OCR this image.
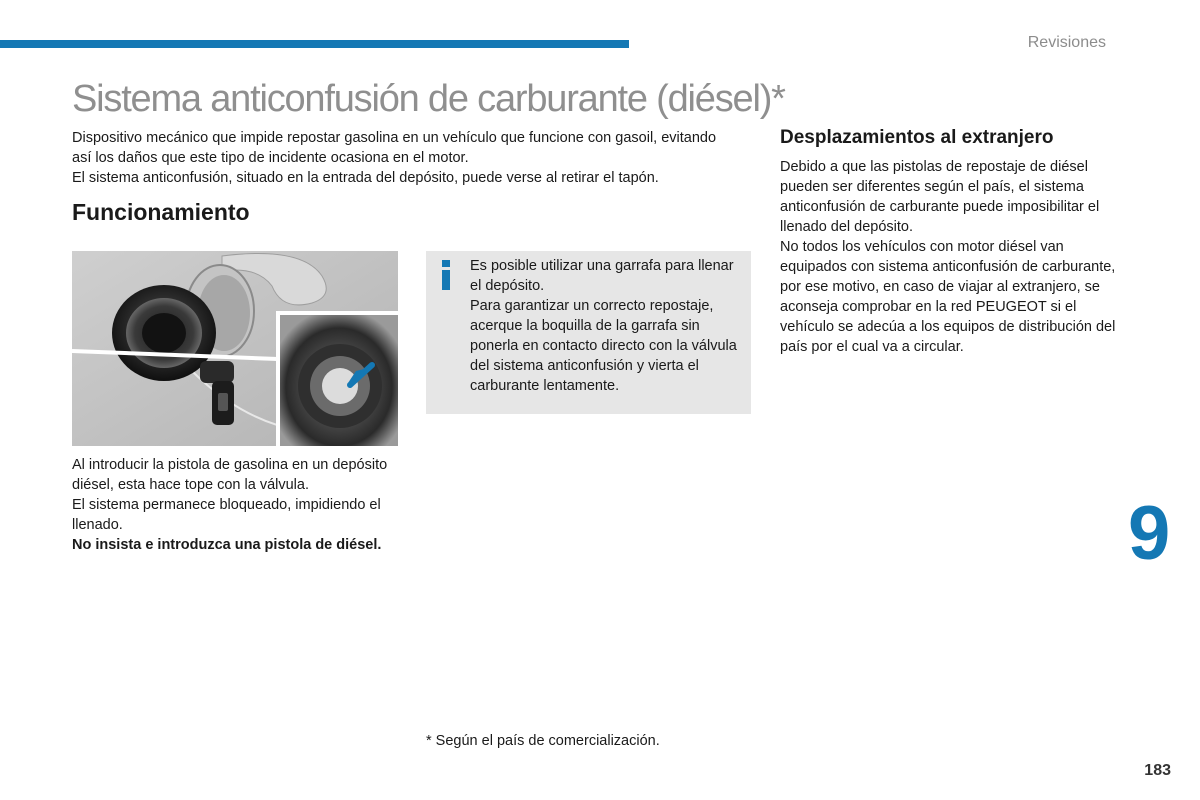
Revisiones
Sistema anticonfusión de carburante (diésel)*

Dispositivo mecánico que impide repostar gasolina en un vehículo que funcione con gasoil, evitando así los daños que este tipo de incidente ocasiona en el motor.

El sistema anticonfusión, situado en la entrada del depósito, puede verse al retirar el tapón.

Funcionamiento

Al introducir la pistola de gasolina en un depósito diésel, esta hace tope con la válvula.

El sistema permanece bloqueado, impidiendo el llenado.

No insista e introduzca una pistola de diésel.

Es posible utilizar una garrafa para llenar el depósito.

Para garantizar un correcto repostaje, acerque la boquilla de la garrafa sin ponerla en contacto directo con la válvula del sistema anticonfusión y vierta el carburante lentamente.

Desplazamientos al extranjero

Debido a que las pistolas de repostaje de diésel pueden ser diferentes según el país, el sistema anticonfusión de carburante puede imposibilitar el llenado del depósito.

No todos los vehículos con motor diésel van equipados con sistema anticonfusión de carburante, por ese motivo, en caso de viajar al extranjero, se aconseja comprobar en la red PEUGEOT si el vehículo se adecúa a los equipos de distribución del país por el cual va a circular.

9
* Según el país de comercialización.
183
